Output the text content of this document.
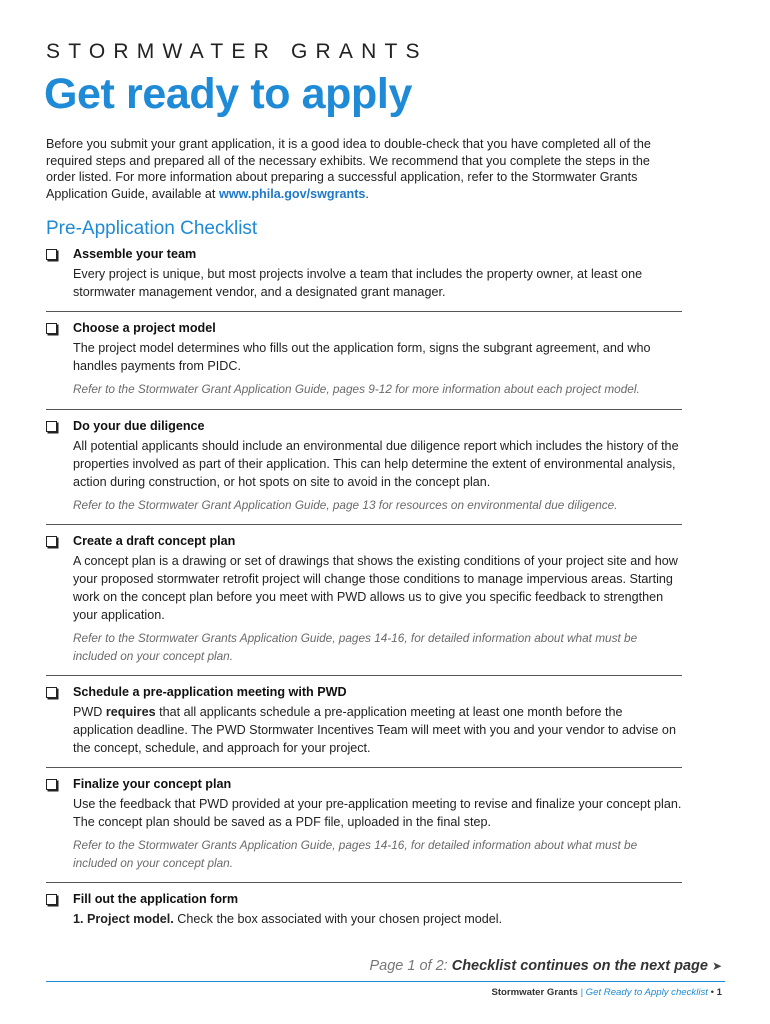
STORMWATER GRANTS

Get ready to apply

Before you submit your grant application, it is a good idea to double-check that you have completed all of the required steps and prepared all of the necessary exhibits. We recommend that you complete the steps in the order listed. For more information about preparing a successful application, refer to the Stormwater Grants Application Guide, available at www.phila.gov/swgrants.

Pre-Application Checklist

Assemble your team

Every project is unique, but most projects involve a team that includes the property owner, at least one stormwater management vendor, and a designated grant manager.

Choose a project model

The project model determines who fills out the application form, signs the subgrant agreement, and who handles payments from PIDC.

Refer to the Stormwater Grant Application Guide, pages 9-12 for more information about each project model.

Do your due diligence

All potential applicants should include an environmental due diligence report which includes the history of the properties involved as part of their application. This can help determine the extent of environmental analysis, action during construction, or hot spots on site to avoid in the concept plan.

Refer to the Stormwater Grant Application Guide, page 13 for resources on environmental due diligence.

Create a draft concept plan

A concept plan is a drawing or set of drawings that shows the existing conditions of your project site and how your proposed stormwater retrofit project will change those conditions to manage impervious areas. Starting work on the concept plan before you meet with PWD allows us to give you specific feedback to strengthen your application.

Refer to the Stormwater Grants Application Guide, pages 14-16, for detailed information about what must be included on your concept plan.

Schedule a pre-application meeting with PWD

PWD requires that all applicants schedule a pre-application meeting at least one month before the application deadline. The PWD Stormwater Incentives Team will meet with you and your vendor to advise on the concept, schedule, and approach for your project.

Finalize your concept plan

Use the feedback that PWD provided at your pre-application meeting to revise and finalize your concept plan. The concept plan should be saved as a PDF file, uploaded in the final step.

Refer to the Stormwater Grants Application Guide, pages 14-16, for detailed information about what must be included on your concept plan.

Fill out the application form

1. Project model. Check the box associated with your chosen project model.

Page 1 of 2: Checklist continues on the next page ➤

Stormwater Grants | Get Ready to Apply checklist • 1
